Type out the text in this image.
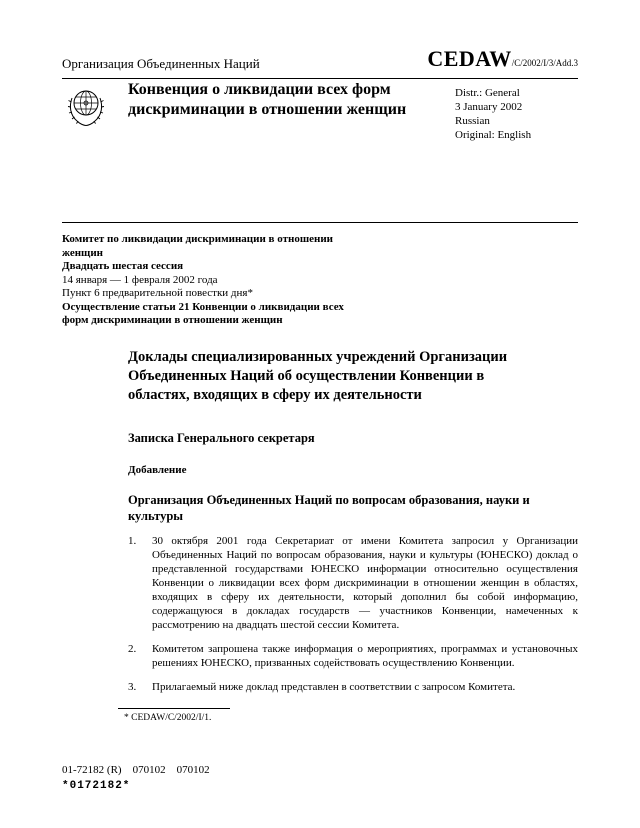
Организация Объединенных Наций	CEDAW/C/2002/I/3/Add.3
Конвенция о ликвидации всех форм дискриминации в отношении женщин
Distr.: General
3 January 2002
Russian
Original: English
Комитет по ликвидации дискриминации в отношении женщин
Двадцать шестая сессия
14 января — 1 февраля 2002 года
Пункт 6 предварительной повестки дня*
Осуществление статьи 21 Конвенции о ликвидации всех форм дискриминации в отношении женщин
Доклады специализированных учреждений Организации Объединенных Наций об осуществлении Конвенции в областях, входящих в сферу их деятельности
Записка Генерального секретаря
Добавление
Организация Объединенных Наций по вопросам образования, науки и культуры
1.	30 октября 2001 года Секретариат от имени Комитета запросил у Организации Объединенных Наций по вопросам образования, науки и культуры (ЮНЕСКО) доклад о представленной государствами ЮНЕСКО информации относительно осуществления Конвенции о ликвидации всех форм дискриминации в отношении женщин в областях, входящих в сферу их деятельности, который дополнил бы собой информацию, содержащуюся в докладах государств — участников Конвенции, намеченных к рассмотрению на двадцать шестой сессии Комитета.
2.	Комитетом запрошена также информация о мероприятиях, программах и установочных решениях ЮНЕСКО, призванных содействовать осуществлению Конвенции.
3.	Прилагаемый ниже доклад представлен в соответствии с запросом Комитета.
* CEDAW/C/2002/I/1.
01-72182 (R)    070102    070102
*0172182*
